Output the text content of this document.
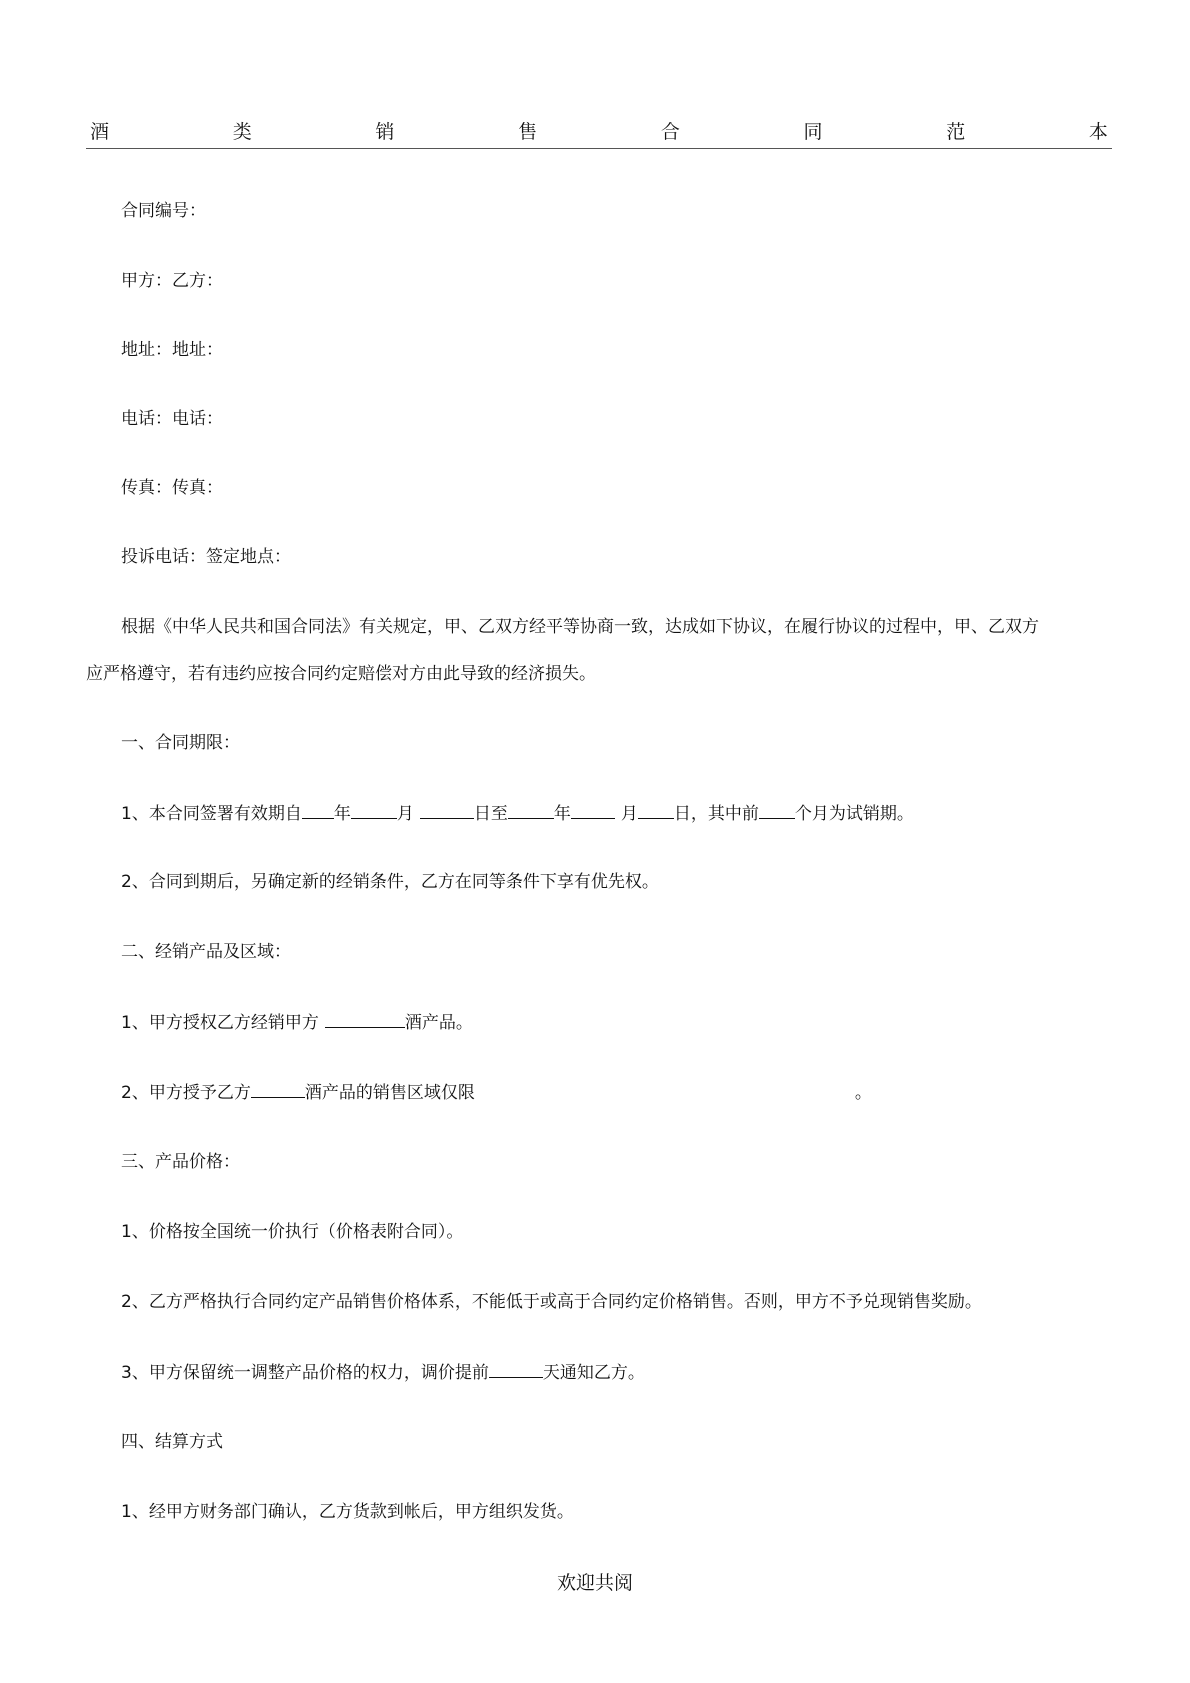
酒	类	销	售	合	同	范	本
合同编号：
甲方：乙方：
地址：地址：
电话：电话：
传真：传真：
投诉电话：签定地点：
根据《中华人民共和国合同法》有关规定，甲、乙双方经平等协商一致，达成如下协议，在履行协议的过程中，甲、乙双方
应严格遵守，若有违约应按合同约定赔偿对方由此导致的经济损失。
一、合同期限：
1、本合同签署有效期自 年	月	日至	年	月 日，其中前 个月为试销期。
2、合同到期后，另确定新的经销条件，乙方在同等条件下享有优先权。
二、经销产品及区域：
1、甲方授权乙方经销甲方	酒产品。
2、甲方授予乙方	酒产品的销售区域仅限	。
三、产品价格：
1、价格按全国统一价执行（价格表附合同）。
2、乙方严格执行合同约定产品销售价格体系，不能低于或高于合同约定价格销售。否则，甲方不予兑现销售奖励。
3、甲方保留统一调整产品价格的权力，调价提前	天通知乙方。
四、结算方式
1、经甲方财务部门确认，乙方货款到帐后，甲方组织发货。
欢迎共阅
